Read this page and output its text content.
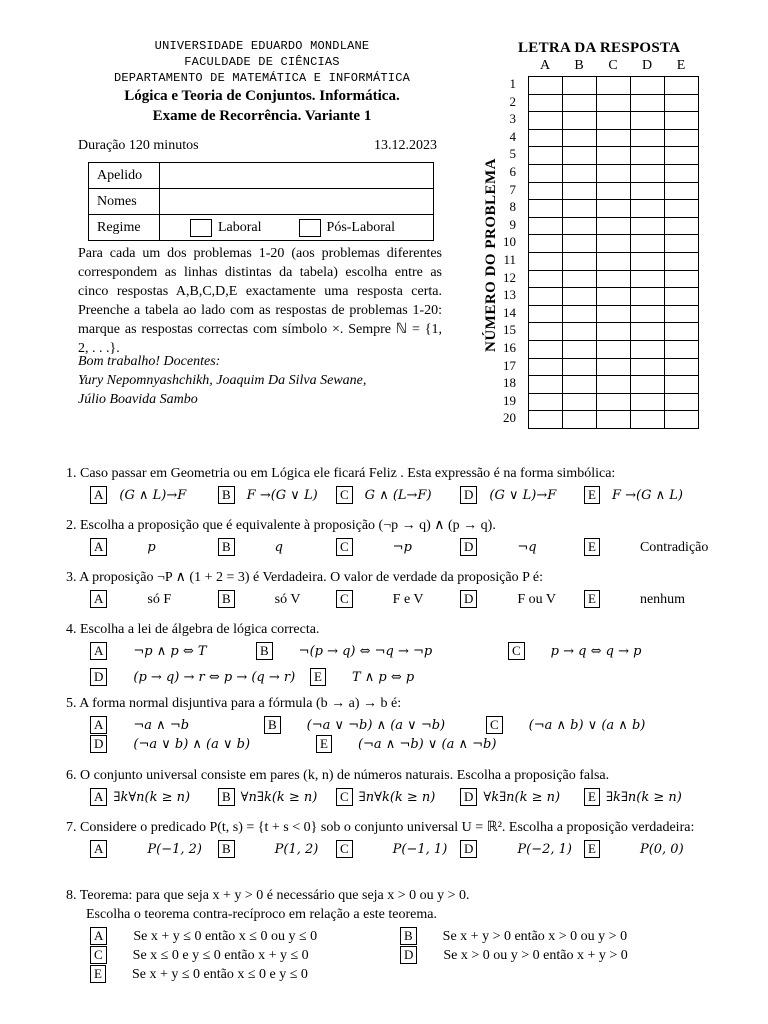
UNIVERSIDADE EDUARDO MONDLANE
FACULDADE DE CIÊNCIAS
DEPARTAMENTO DE MATEMÁTICA E INFORMÁTICA
Lógica e Teoria de Conjuntos. Informática.
Exame de Recorrência. Variante 1
Duração 120 minutos	13.12.2023
Apelido	
Nomes	
Regime	Laboral Pós-Laboral

Para cada um dos problemas 1-20 (aos problemas diferentes correspondem as linhas distintas da tabela) escolha entre as cinco respostas A,B,C,D,E exactamente uma resposta certa. Preenche a tabela ao lado com as respostas de problemas 1-20: marque as respostas correctas com símbolo ×. Sempre ℕ = {1, 2, . . .}.

Bom trabalho! Docentes:
Yury Nepomnyashchikh, Joaquim Da Silva Sewane,
Júlio Boavida Sambo
LETRA DA RESPOSTA
A	B	C	D	E

1
2
3
4
5
6
7
8
9
10
11
12
13
14
15
16
17
18
19
20
NÚMERO DO PROBLEMA
1. Caso passar em Geometria ou em Lógica ele ficará Feliz . Esta expressão é na forma simbólica:
A (G ∧ L)→F	B F →(G ∨ L)	C G ∧ (L→F)	D (G ∨ L)→F	E F →(G ∧ L)
2. Escolha a proposição que é equivalente à proposição (¬p → q) ∧ (p → q).
A	p	B	q	C	¬p	D	¬q	E	Contradição
3. A proposição ¬P ∧ (1 + 2 = 3) é Verdadeira. O valor de verdade da proposição P é:
A	só F	B	só V	C	F e V	D	F ou V	E	nenhum
4. Escolha a lei de álgebra de lógica correcta.
A ¬p ∧ p ⇔ T	B ¬(p → q) ⇔ ¬q → ¬p	C p → q ⇔ q → p
D (p → q) → r ⇔ p → (q → r)	E T ∧ p ⇔ p
5. A forma normal disjuntiva para a fórmula (b → a) → b é:
A ¬a ∧ ¬b	B (¬a ∨ ¬b) ∧ (a ∨ ¬b)	C (¬a ∧ b) ∨ (a ∧ b)
D (¬a ∨ b) ∧ (a ∨ b)	E (¬a ∧ ¬b) ∨ (a ∧ ¬b)
6. O conjunto universal consiste em pares (k, n) de números naturais. Escolha a proposição falsa.
A ∃k∀n(k ≥ n)	B ∀n∃k(k ≥ n)	C ∃n∀k(k ≥ n)	D ∀k∃n(k ≥ n)	E ∃k∃n(k ≥ n)
7. Considere o predicado P(t, s) = {t + s < 0} sob o conjunto universal U = ℝ². Escolha a proposição verdadeira:
A	P(−1, 2)	B	P(1, 2)	C	P(−1, 1)	D	P(−2, 1)	E	P(0, 0)
8. Teorema: para que seja x + y > 0 é necessário que seja x > 0 ou y > 0.
Escolha o teorema contra-recíproco em relação a este teorema.
A Se x + y ≤ 0 então x ≤ 0 ou y ≤ 0	B Se x + y > 0 então x > 0 ou y > 0
C Se x ≤ 0 e y ≤ 0 então x + y ≤ 0	D Se x > 0 ou y > 0 então x + y > 0
E Se x + y ≤ 0 então x ≤ 0 e y ≤ 0
